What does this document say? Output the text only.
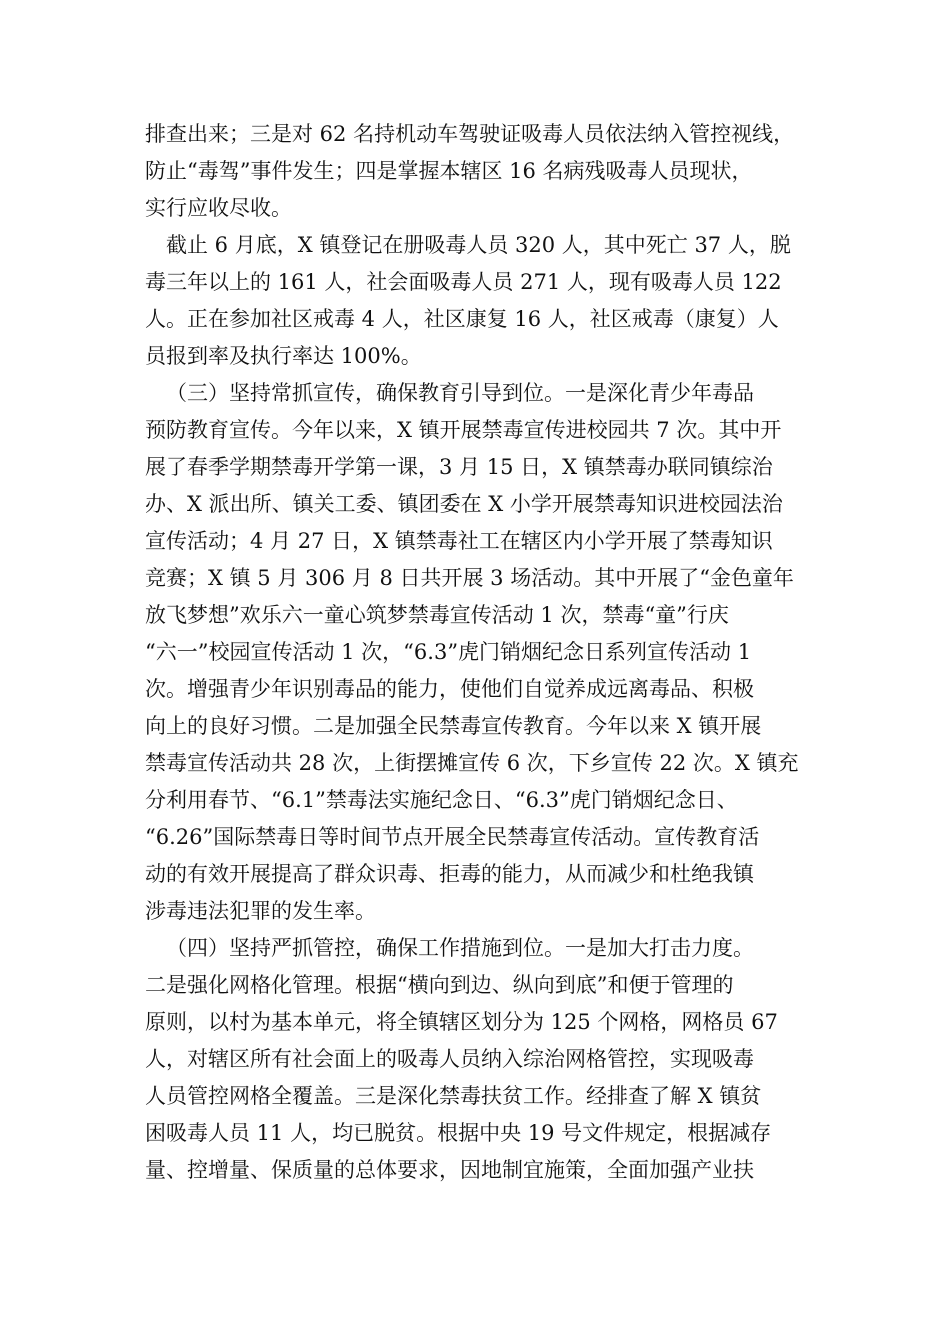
排查出来；三是对 62 名持机动车驾驶证吸毒人员依法纳入管控视线，
防止“毒驾”事件发生；四是掌握本辖区 16 名病残吸毒人员现状，
实行应收尽收。
截止 6 月底，X 镇登记在册吸毒人员 320 人，其中死亡 37 人，脱
毒三年以上的 161 人，社会面吸毒人员 271 人，现有吸毒人员 122
人。正在参加社区戒毒 4 人，社区康复 16 人，社区戒毒（康复）人
员报到率及执行率达 100%。
（三）坚持常抓宣传，确保教育引导到位。一是深化青少年毒品
预防教育宣传。今年以来，X 镇开展禁毒宣传进校园共 7 次。其中开
展了春季学期禁毒开学第一课，3 月 15 日，X 镇禁毒办联同镇综治
办、X 派出所、镇关工委、镇团委在 X 小学开展禁毒知识进校园法治
宣传活动；4 月 27 日，X 镇禁毒社工在辖区内小学开展了禁毒知识
竞赛；X 镇 5 月 306 月 8 日共开展 3 场活动。其中开展了“金色童年
放飞梦想”欢乐六一童心筑梦禁毒宣传活动 1 次，禁毒“童”行庆
“六一”校园宣传活动 1 次，“6.3”虎门销烟纪念日系列宣传活动 1
次。增强青少年识别毒品的能力，使他们自觉养成远离毒品、积极
向上的良好习惯。二是加强全民禁毒宣传教育。今年以来 X 镇开展
禁毒宣传活动共 28 次，上街摆摊宣传 6 次，下乡宣传 22 次。X 镇充
分利用春节、“6.1”禁毒法实施纪念日、“6.3”虎门销烟纪念日、
“6.26”国际禁毒日等时间节点开展全民禁毒宣传活动。宣传教育活
动的有效开展提高了群众识毒、拒毒的能力，从而减少和杜绝我镇
涉毒违法犯罪的发生率。
（四）坚持严抓管控，确保工作措施到位。一是加大打击力度。
二是强化网格化管理。根据“横向到边、纵向到底”和便于管理的
原则，以村为基本单元，将全镇辖区划分为 125 个网格，网格员 67
人，对辖区所有社会面上的吸毒人员纳入综治网格管控，实现吸毒
人员管控网格全覆盖。三是深化禁毒扶贫工作。经排查了解 X 镇贫
困吸毒人员 11 人，均已脱贫。根据中央 19 号文件规定，根据减存
量、控增量、保质量的总体要求，因地制宜施策，全面加强产业扶
